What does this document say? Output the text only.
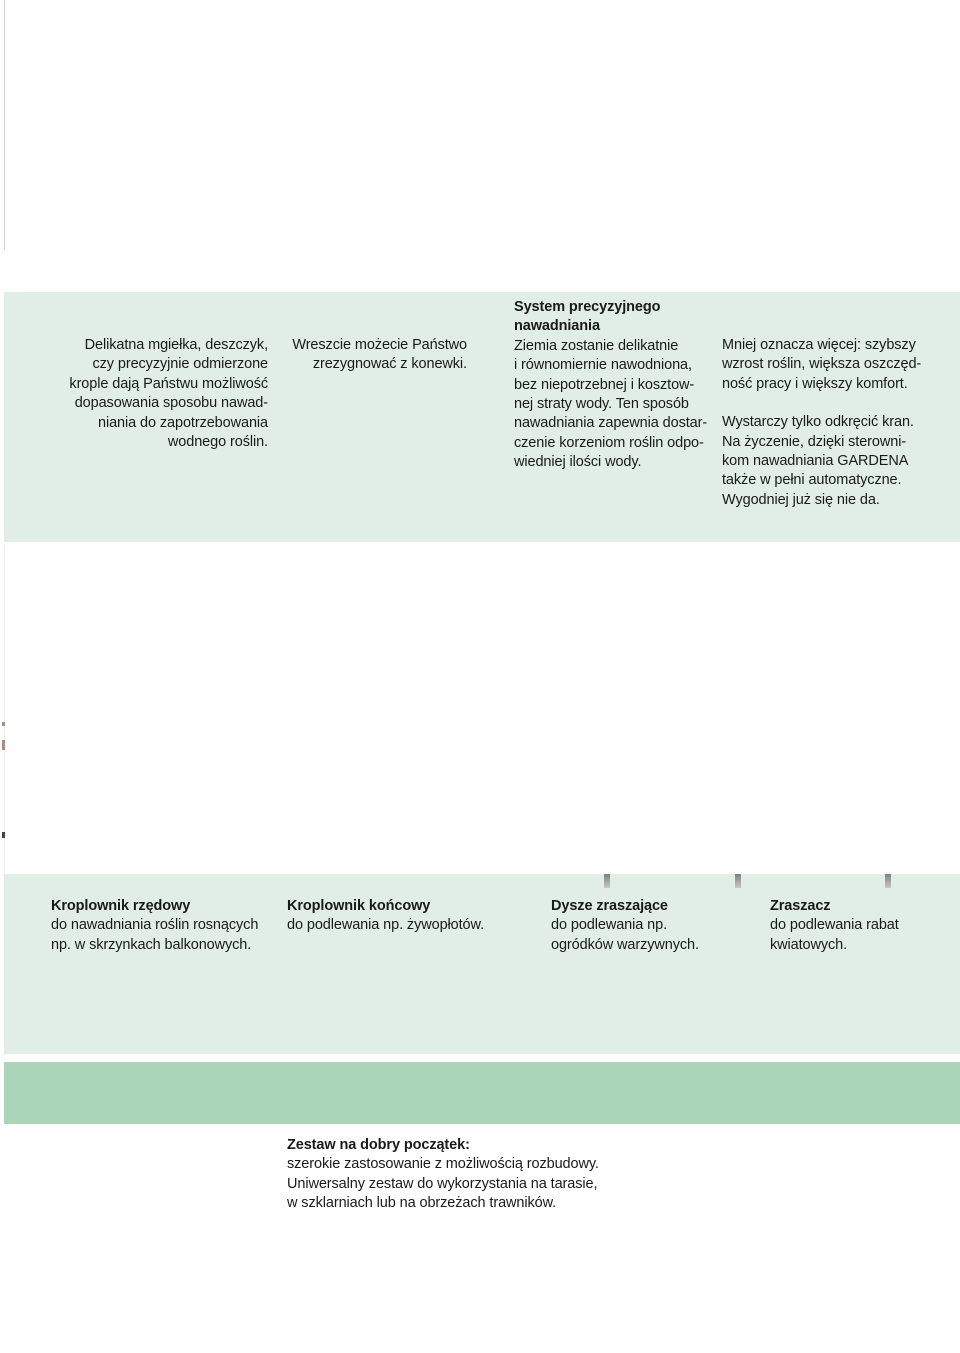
Delikatna mgiełka, deszczyk,
czy precyzyjnie odmierzone
krople dają Państwu możliwość
dopasowania sposobu nawad-
niania do zapotrzebowania
wodnego roślin.
Wreszcie możecie Państwo
zrezygnować z konewki.
System precyzyjnego
nawadniania
Ziemia zostanie delikatnie
i równomiernie nawodniona,
bez niepotrzebnej i kosztow-
nej straty wody. Ten sposób
nawadniania zapewnia dostar-
czenie korzeniom roślin odpo-
wiedniej ilości wody.
Mniej oznacza więcej: szybszy
wzrost roślin, większa oszczęd-
ność pracy i większy komfort.
Wystarczy tylko odkręcić kran.
Na życzenie, dzięki sterowni-
kom nawadniania GARDENA
także w pełni automatyczne.
Wygodniej już się nie da.
Kroplownik rzędowy
do nawadniania roślin rosnących
np. w skrzynkach balkonowych.
Kroplownik końcowy
do podlewania np. żywopłotów.
Dysze zraszające
do podlewania np.
ogródków warzywnych.
Zraszacz
do podlewania rabat
kwiatowych.
Zestaw na dobry początek:
szerokie zastosowanie z możliwością rozbudowy.
Uniwersalny zestaw do wykorzystania na tarasie,
w szklarniach lub na obrzeżach trawników.
